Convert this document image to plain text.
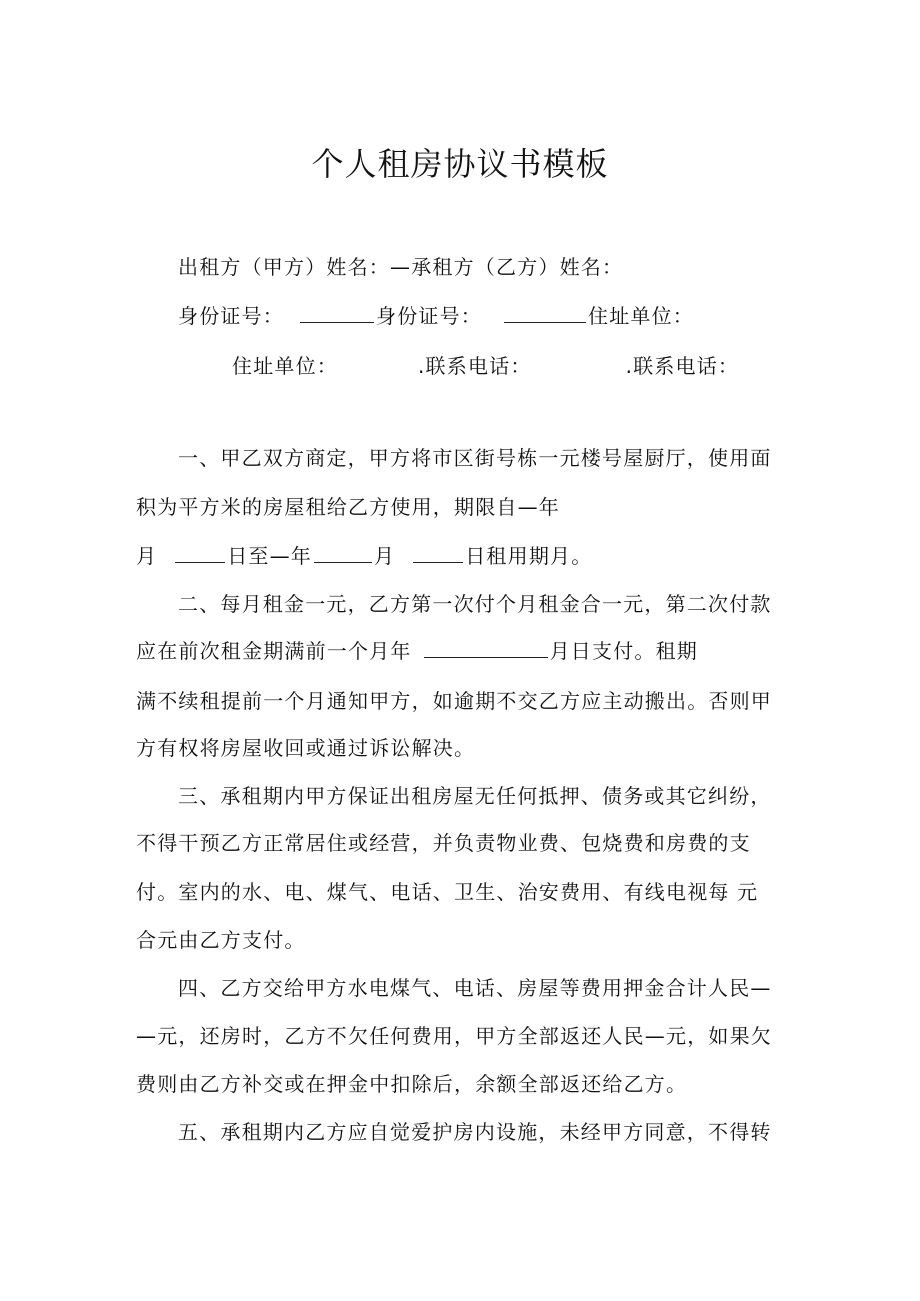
个人租房协议书模板
出租方（甲方）姓名：—承租方（乙方）姓名：
身份证号：	身份证号：	住址单位：
住址单位：	.联系电话：	.联系电话：
一、甲乙双方商定，甲方将市区街号栋一元楼号屋厨厅，使用面
积为平方米的房屋租给乙方使用，期限自—年
月	日至—年	月	日租用期月。
二、每月租金一元，乙方第一次付个月租金合一元，第二次付款
应在前次租金期满前一个月年	月日支付。租期
满不续租提前一个月通知甲方，如逾期不交乙方应主动搬出。否则甲
方有权将房屋收回或通过诉讼解决。
三、承租期内甲方保证出租房屋无任何抵押、债务或其它纠纷，
不得干预乙方正常居住或经营，并负责物业费、包烧费和房费的支
付。室内的水、电、煤气、电话、卫生、治安费用、有线电视每 元
合元由乙方支付。
四、乙方交给甲方水电煤气、电话、房屋等费用押金合计人民—
—元，还房时，乙方不欠任何费用，甲方全部返还人民—元，如果欠
费则由乙方补交或在押金中扣除后，余额全部返还给乙方。
五、承租期内乙方应自觉爱护房内设施，未经甲方同意，不得转
